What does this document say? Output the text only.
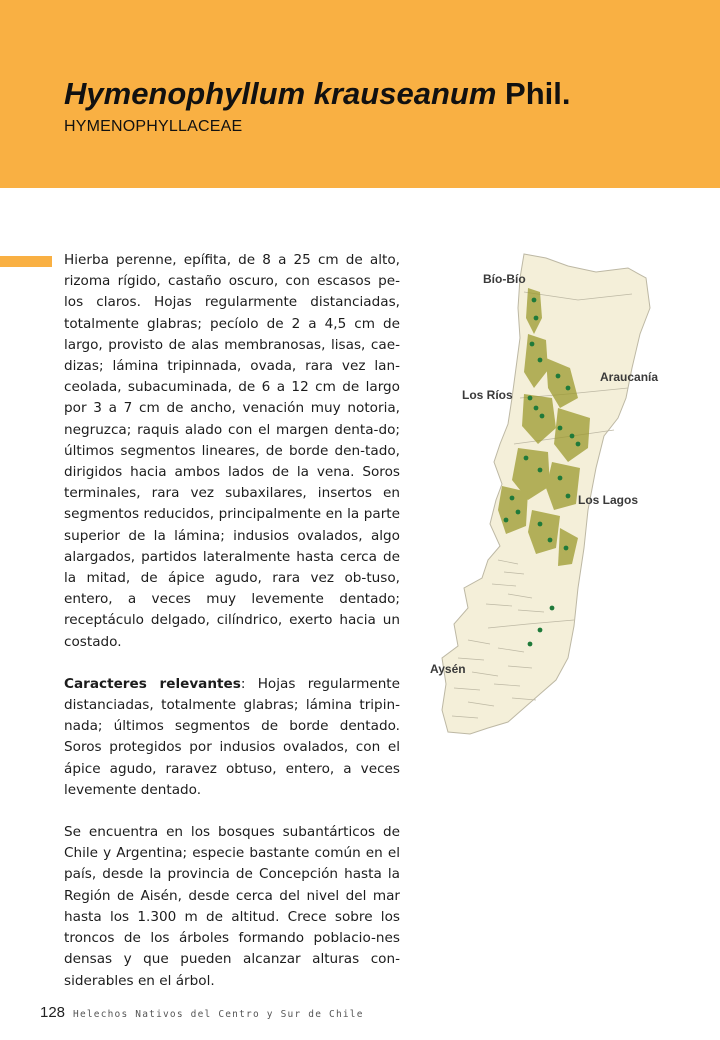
Hymenophyllum krauseanum Phil.
HYMENOPHYLLACEAE

Hierba perenne, epífita, de 8 a 25 cm de alto, rizoma rígido, castaño oscuro, con escasos pe-los claros. Hojas regularmente distanciadas, totalmente glabras; pecíolo de 2 a 4,5 cm de largo, provisto de alas membranosas, lisas, cae-dizas; lámina tripinnada, ovada, rara vez lan-ceolada, subacuminada, de 6 a 12 cm de largo por 3 a 7 cm de ancho, venación muy notoria, negruzca; raquis alado con el margen denta-do; últimos segmentos lineares, de borde den-tado, dirigidos hacia ambos lados de la vena. Soros terminales, rara vez subaxilares, insertos en segmentos reducidos, principalmente en la parte superior de la lámina; indusios ovalados, algo alargados, partidos lateralmente hasta cerca de la mitad, de ápice agudo, rara vez ob-tuso, entero, a veces muy levemente dentado; receptáculo delgado, cilíndrico, exerto hacia un costado.

Caracteres relevantes: Hojas regularmente distanciadas, totalmente glabras; lámina tripin-nada; últimos segmentos de borde dentado. Soros protegidos por indusios ovalados, con el ápice agudo, raravez obtuso, entero, a veces levemente dentado.

Se encuentra en los bosques subantárticos de Chile y Argentina; especie bastante común en el país, desde la provincia de Concepción hasta la Región de Aisén, desde cerca del nivel del mar hasta los 1.300 m de altitud. Crece sobre los troncos de los árboles formando poblacio-nes densas y que pueden alcanzar alturas con-siderables en el árbol.

Bío-Bío
Araucanía
Los Ríos
Los Lagos
Aysén
128 Helechos Nativos del Centro y Sur de Chile
